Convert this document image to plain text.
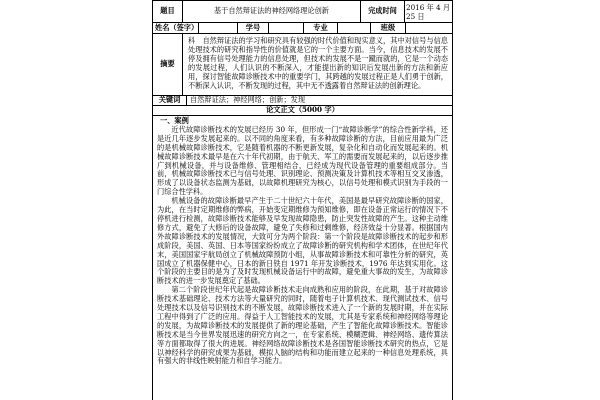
题目	基于自然辩证法的神经网络理论创新	完成时间 2016 年 4 月 25 日
姓名（签字）	学号	专业	班级
摘要
科　自然辩证法的学习和研究具有较强的时代价值和现实意义，其中对信号与信息处理技术的研究和指导性的价值就是它的一个主要方面。当今，信息技术的发展不停及拥有信号处理能力的信息处理，但技术的发展不是一蹴而就的，它是一个动态的发展过程，人们认识的不断深入，才能提出新的知识后发展出新的方法和新应用，探讨智能故障诊断技术中的重要学门，其跨越的发展过程正是人们勇于创新，不断深入认识，不断发现的过程，其中无不透露着自然辩证法的创新理论。
关键词 自然辩证法；神经网络；创新；发现
论文正文（5000 字）
一、案例

近代故障诊断技术的发展已经历 30 年，但形成一门“故障诊断学”的综合性新学科，还是近几年逐步发展起来的。以不同的角度来看，有多种故障诊断的方法，目前应用最为广泛的是机械故障诊断技术，它是随着机器的不断更新发展，复杂化和自动化而发展起来的。机械故障诊断技术最早是在六十年代初期，由于航天、军工的需要而发展起来的，以后逐步推广到机械设备，并与设备维修、管理相结合，已经成为现代设备管理的重要组成部分。当前，机械故障诊断技术已与信号处理、识别理论、预测决策及计算机技术等相互交叉渗透，形成了以设备状态监测为基础，以故障机理研究为核心，以信号处理和模式识别为手段的一门综合性学科。

机械设备的故障诊断最早产生于二十世纪六十年代，美国是最早研究故障诊断的国家，为此，在当时定期维修的弊病，开始变定期维修为预知维修，即在设备正常运行的情况下不停机进行检测，故障诊断技术能够及早发现故障隐患，防止突发性故障的产生。这种主动维修方式，避免了大修后的设备故障，避免了失修和过剩维修，经济效益十分显著。根据国内外故障诊断技术的发展情况，大致可分为两个阶段：第一个阶段是故障诊断技术的起步和形成阶段，美国、英国、日本等国家纷纷成立了故障诊断的研究机构和学术团体，在世纪年代末，美国国家宇航局创立了机械故障预防小组，从事故障诊断技术和可靠性分析的研究，英国成立了机器保健中心，日本的新日铁自 1971 年开发诊断技术，1976 年达到实用化。这个阶段的主要目的是为了及时发现机械设备运行中的故障，避免重大事故的发生，为故障诊断技术的进一步发展奠定了基础。

第二个阶段世纪年代起是故障诊断技术走向成熟和应用的阶段，在此期，基于对故障诊断技术基础理论、技术方法等大量研究的同时，随着电子计算机技术、现代测试技术、信号处理技术以及信号识别技术的不断发展，故障诊断技术进入了一个新的发展时期，并在实际工程中得到了广泛的应用。得益于人工智能技术的发展，尤其是专家系统和神经网络等理论的发展，为故障诊断技术的发展提供了新的理论基础，产生了智能化故障诊断技术。智能诊断技术是当今世界发展迅速的研究方向之一，在专家系统、模糊逻辑、神经网络、遗传算法等方面都取得了很大的进展。神经网络故障诊断技术是各国智能诊断技术研究的热点，它是以神经科学的研究成果为基础，模拟人脑的结构和功能而建立起来的一种信息处理系统，具有强大的非线性映射能力和自学习能力。
